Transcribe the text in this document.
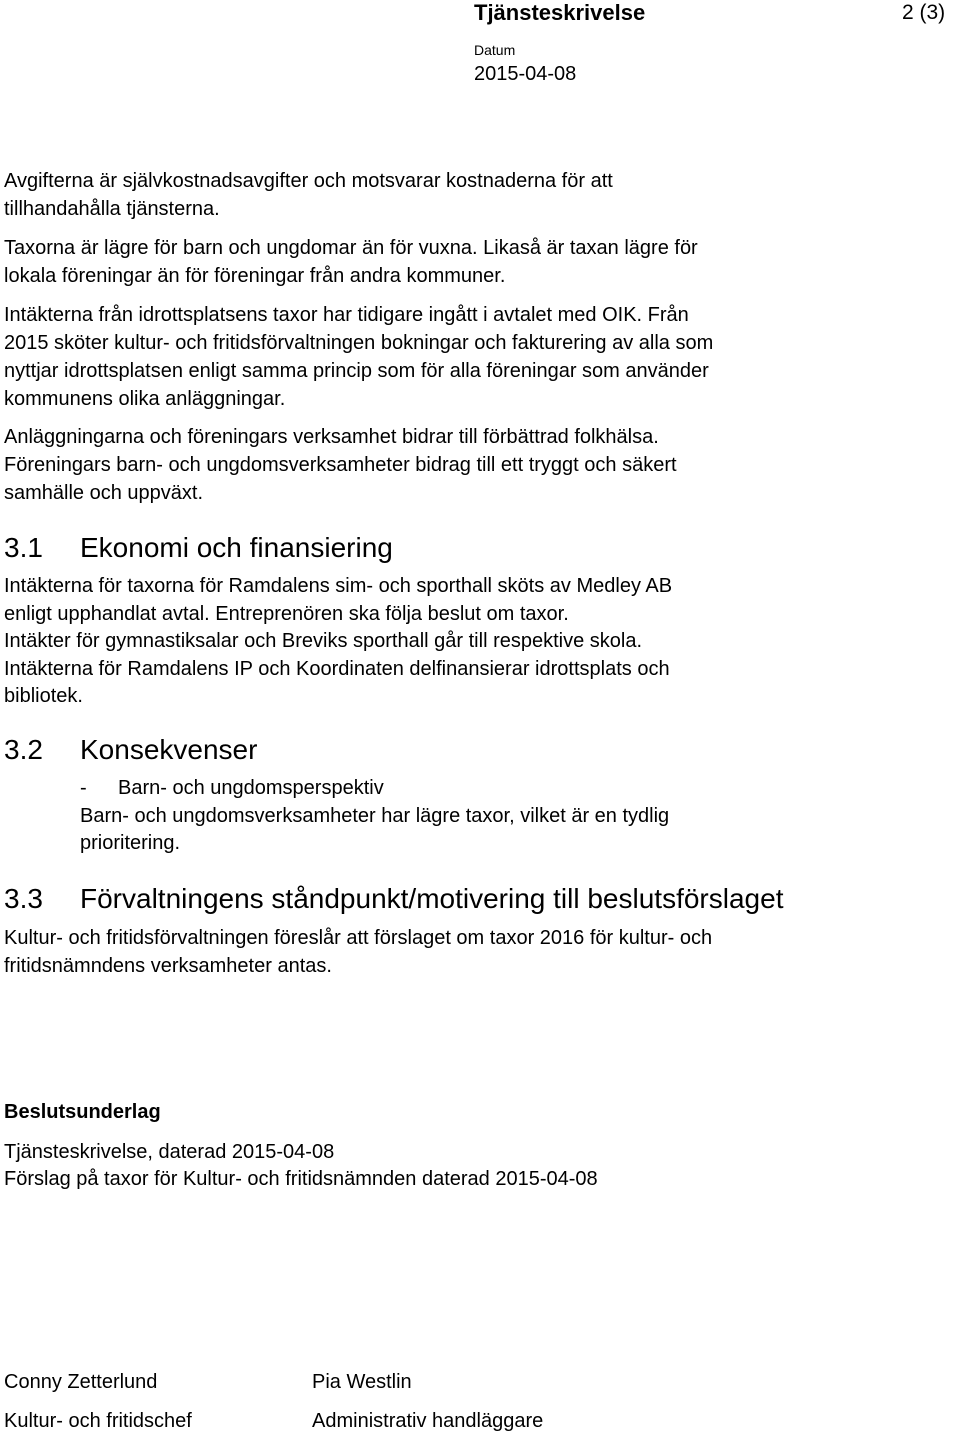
Tjänsteskrivelse	2 (3)
Datum
2015-04-08
Avgifterna är självkostnadsavgifter och motsvarar kostnaderna för att
tillhandahålla tjänsterna.
Taxorna är lägre för barn och ungdomar än för vuxna. Likaså är taxan lägre för
lokala föreningar än för föreningar från andra kommuner.
Intäkterna från idrottsplatsens taxor har tidigare ingått i avtalet med OIK. Från
2015 sköter kultur- och fritidsförvaltningen bokningar och fakturering av alla som
nyttjar idrottsplatsen enligt samma princip som för alla föreningar som använder
kommunens olika anläggningar.
Anläggningarna och föreningars verksamhet bidrar till förbättrad folkhälsa.
Föreningars barn- och ungdomsverksamheter bidrag till ett tryggt och säkert
samhälle och uppväxt.
3.1 Ekonomi och finansiering
Intäkterna för taxorna för Ramdalens sim- och sporthall sköts av Medley AB
enligt upphandlat avtal. Entreprenören ska följa beslut om taxor.
Intäkter för gymnastiksalar och Breviks sporthall går till respektive skola.
Intäkterna för Ramdalens IP och Koordinaten delfinansierar idrottsplats och
bibliotek.
3.2 Konsekvenser
- Barn- och ungdomsperspektiv
Barn- och ungdomsverksamheter har lägre taxor, vilket är en tydlig
prioritering.
3.3 Förvaltningens ståndpunkt/motivering till beslutsförslaget
Kultur- och fritidsförvaltningen föreslår att förslaget om taxor 2016 för kultur- och
fritidsnämndens verksamheter antas.
Beslutsunderlag
Tjänsteskrivelse, daterad 2015-04-08
Förslag på taxor för Kultur- och fritidsnämnden daterad 2015-04-08
Conny Zetterlund
Kultur- och fritidschef
Pia Westlin
Administrativ handläggare
